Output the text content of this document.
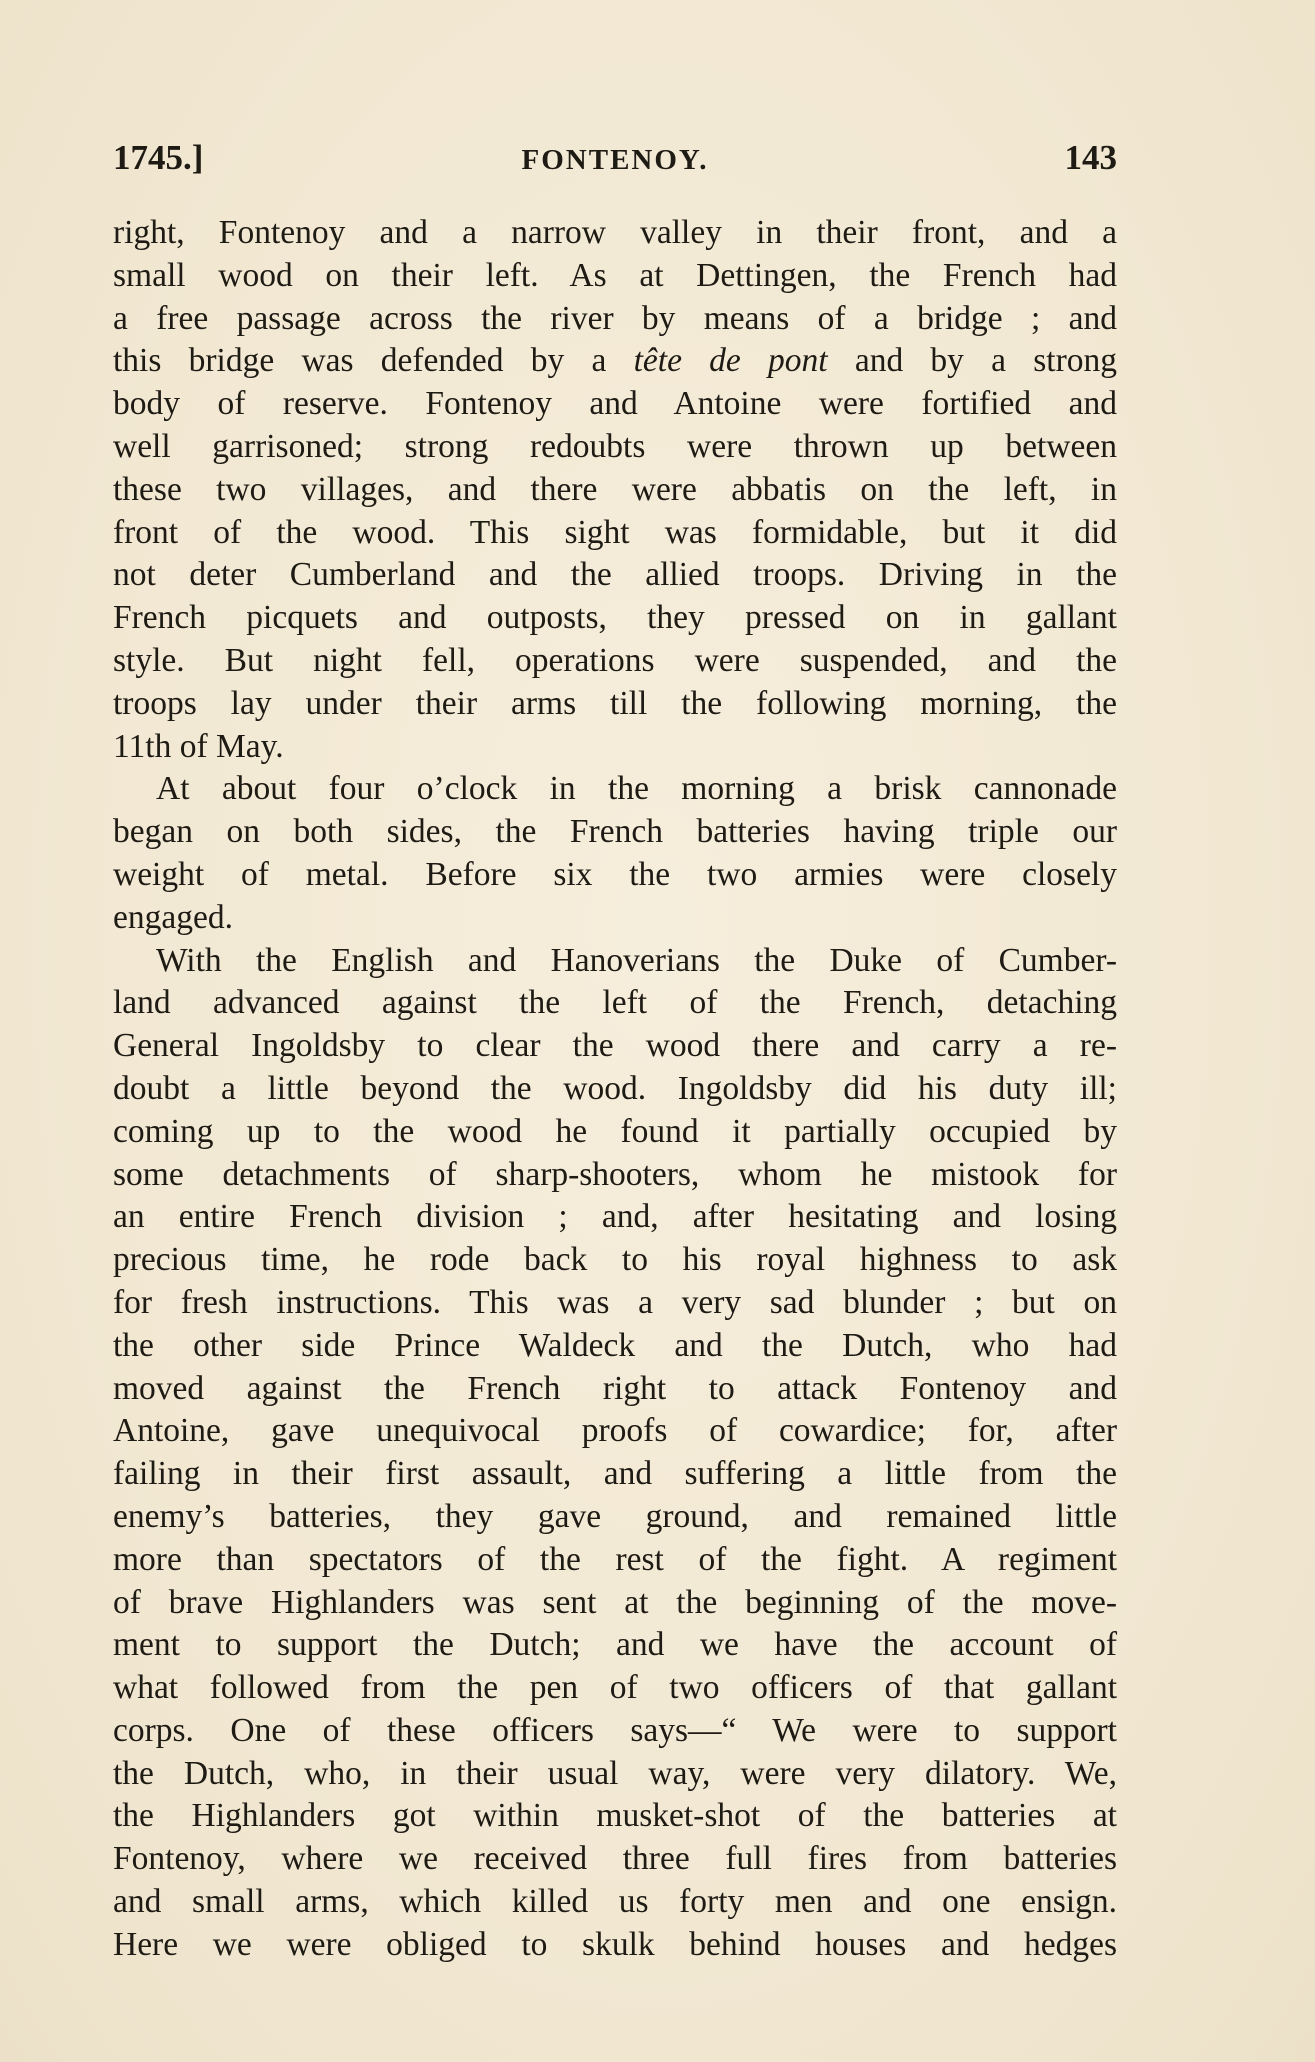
1745.]	FONTENOY.	143
right, Fontenoy and a narrow valley in their front, and a
small wood on their left. As at Dettingen, the French had
a free passage across the river by means of a bridge ; and
this bridge was defended by a tête de pont and by a strong
body of reserve. Fontenoy and Antoine were fortified and
well garrisoned; strong redoubts were thrown up between
these two villages, and there were abbatis on the left, in
front of the wood. This sight was formidable, but it did
not deter Cumberland and the allied troops. Driving in the
French picquets and outposts, they pressed on in gallant
style. But night fell, operations were suspended, and the
troops lay under their arms till the following morning, the
11th of May.
At about four o’clock in the morning a brisk cannonade
began on both sides, the French batteries having triple our
weight of metal. Before six the two armies were closely
engaged.
With the English and Hanoverians the Duke of Cumber-
land advanced against the left of the French, detaching
General Ingoldsby to clear the wood there and carry a re-
doubt a little beyond the wood. Ingoldsby did his duty ill;
coming up to the wood he found it partially occupied by
some detachments of sharp-shooters, whom he mistook for
an entire French division ; and, after hesitating and losing
precious time, he rode back to his royal highness to ask
for fresh instructions. This was a very sad blunder ; but on
the other side Prince Waldeck and the Dutch, who had
moved against the French right to attack Fontenoy and
Antoine, gave unequivocal proofs of cowardice; for, after
failing in their first assault, and suffering a little from the
enemy’s batteries, they gave ground, and remained little
more than spectators of the rest of the fight. A regiment
of brave Highlanders was sent at the beginning of the move-
ment to support the Dutch; and we have the account of
what followed from the pen of two officers of that gallant
corps. One of these officers says—“ We were to support
the Dutch, who, in their usual way, were very dilatory. We,
the Highlanders got within musket-shot of the batteries at
Fontenoy, where we received three full fires from batteries
and small arms, which killed us forty men and one ensign.
Here we were obliged to skulk behind houses and hedges
